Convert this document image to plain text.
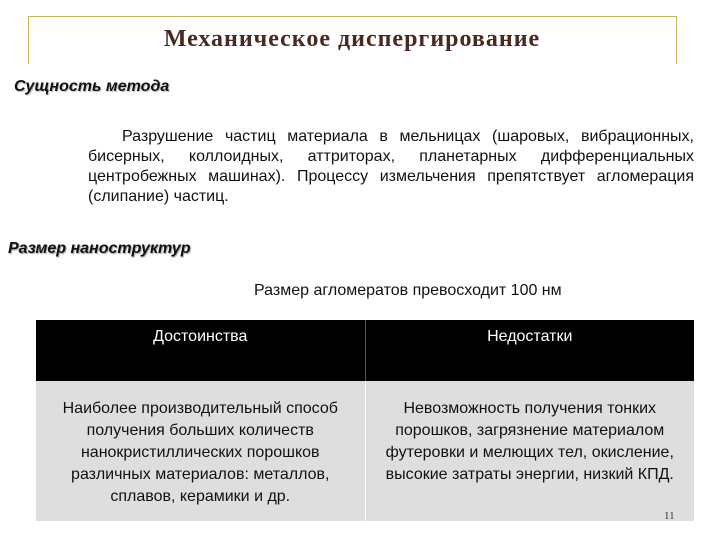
Механическое диспергирование
Сущность метода
Разрушение частиц материала в мельницах (шаровых, вибрационных, бисерных, коллоидных, аттриторах, планетарных дифференциальных центробежных машинах). Процессу измельчения препятствует агломерация (слипание) частиц.
Размер наноструктур
Размер агломератов превосходит 100 нм
Достоинства	Недостатки
Наиболее производительный способ получения больших количеств нанокристиллических порошков различных материалов: металлов, сплавов, керамики и др.	Невозможность получения тонких порошков, загрязнение материалом футеровки и мелющих тел, окисление, высокие затраты энергии, низкий КПД.
11
